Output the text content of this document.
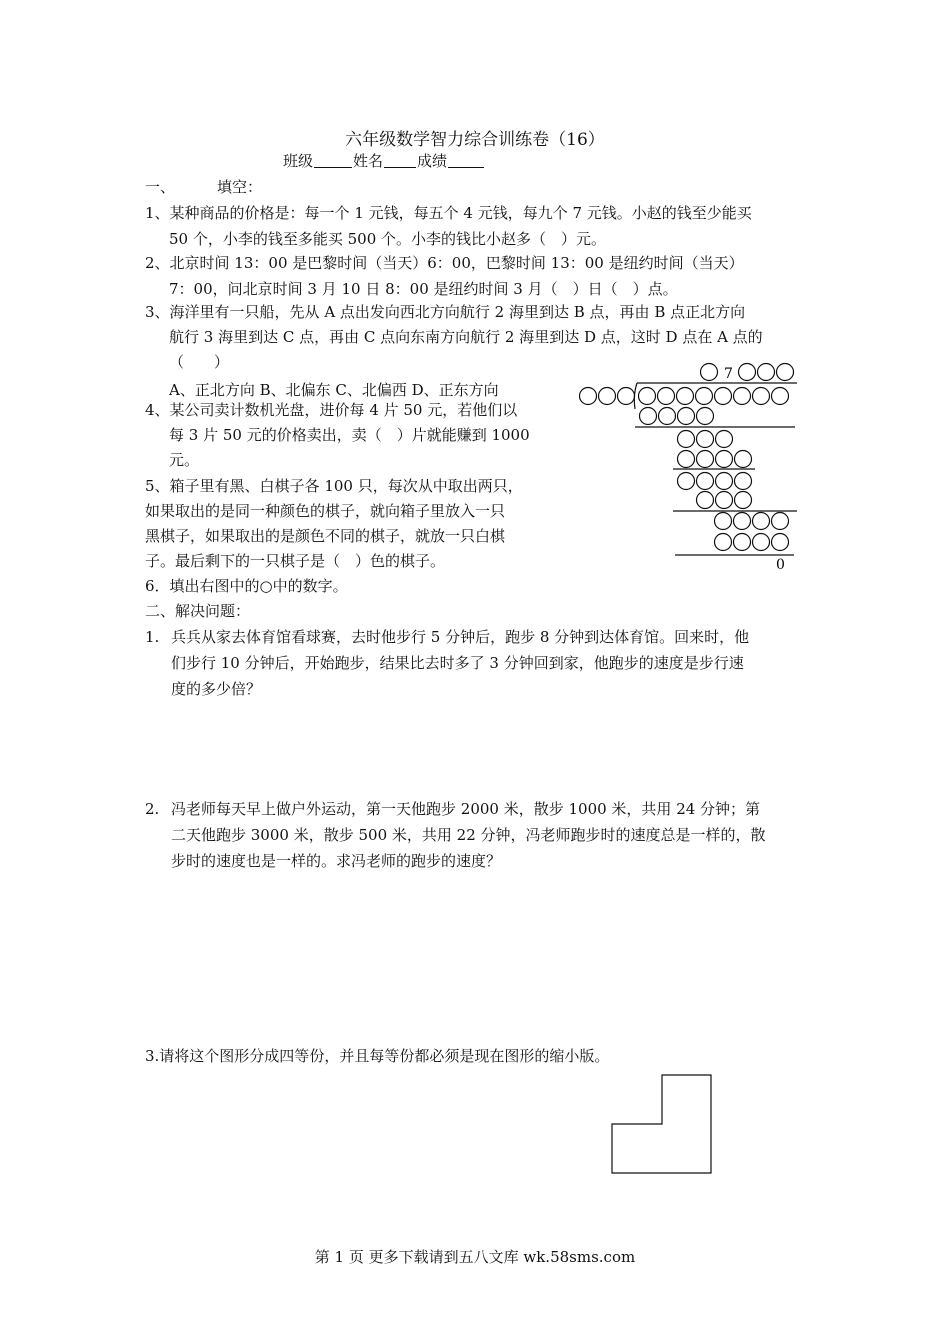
六年级数学智力综合训练卷（16）
班级	姓名 成绩
一、	填空：
1、某种商品的价格是：每一个 1 元钱，每五个 4 元钱，每九个 7 元钱。小赵的钱至少能买
50 个，小李的钱至多能买 500 个。小李的钱比小赵多（　）元。
2、北京时间 13：00 是巴黎时间（当天）6：00，巴黎时间 13：00 是纽约时间（当天）
7：00，问北京时间 3 月 10 日 8：00 是纽约时间 3 月（　）日（　）点。
3、海洋里有一只船，先从 A 点出发向西北方向航行 2 海里到达 B 点，再由 B 点正北方向
航行 3 海里到达 C 点，再由 C 点向东南方向航行 2 海里到达 D 点，这时 D 点在 A 点的
（　　）
A、正北方向 B、北偏东 C、北偏西 D、正东方向
4、某公司卖计数机光盘，进价每 4 片 50 元，若他们以
每 3 片 50 元的价格卖出，卖（　）片就能赚到 1000
元。
5、箱子里有黑、白棋子各 100 只，每次从中取出两只，
如果取出的是同一种颜色的棋子，就向箱子里放入一只
黑棋子，如果取出的是颜色不同的棋子，就放一只白棋
子。最后剩下的一只棋子是（　）色的棋子。
6．填出右图中的○中的数字。
7
0
二、解决问题：
1. 兵兵从家去体育馆看球赛，去时他步行 5 分钟后，跑步 8 分钟到达体育馆。回来时，他
们步行 10 分钟后，开始跑步，结果比去时多了 3 分钟回到家，他跑步的速度是步行速
度的多少倍？
2. 冯老师每天早上做户外运动，第一天他跑步 2000 米，散步 1000 米，共用 24 分钟；第
二天他跑步 3000 米，散步 500 米，共用 22 分钟，冯老师跑步时的速度总是一样的，散
步时的速度也是一样的。求冯老师的跑步的速度？
3.请将这个图形分成四等份，并且每等份都必须是现在图形的缩小版。
第 1 页 更多下载请到五八文库 wk.58sms.com
